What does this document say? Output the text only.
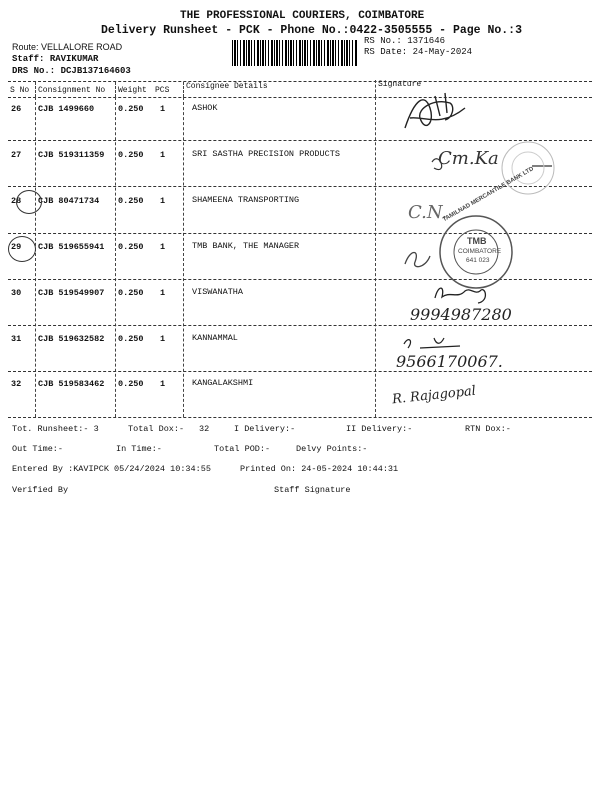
THE PROFESSIONAL COURIERS, COIMBATORE
Delivery Runsheet - PCK - Phone No.:0422-3505555 - Page No.:3
Route: VELLALORE ROAD
Staff: RAVIKUMAR
DRS No.: DCJB137164603
RS No.: 1371646
RS Date: 24-May-2024
S No Consignment No Weight PCS Consignee Details	Signature
26 CJB 1499660	0.250 1	ASHOK
27 CJB 519311359 0.250 1	SRI SASTHA PRECISION PRODUCTS
28 CJB 80471734 0.250 1	SHAMEENA TRANSPORTING
29 CJB 519655941 0.250 1	TMB BANK, THE MANAGER
30 CJB 519549907 0.250 1	VISWANATHA
31 CJB 519632582 0.250 1	KANNAMMAL
32 CJB 519583462 0.250 1	KANGALAKSHMI
Cm.Ka
C.N.
TAMILNAD MERCANTILE BANK LTD
TMB
COIMBATORE
641 023
9994987280
9566170067.
R. Rajagopal
Tot. Runsheet:- 3	Total Dox:- 32	I Delivery:-	II Delivery:-	RTN Dox:-
Out Time:-	In Time:-	Total POD:-	Delvy Points:-
Entered By :KAVIPCK 05/24/2024 10:34:55	Printed On: 24-05-2024 10:44:31
Verified By	Staff Signature
